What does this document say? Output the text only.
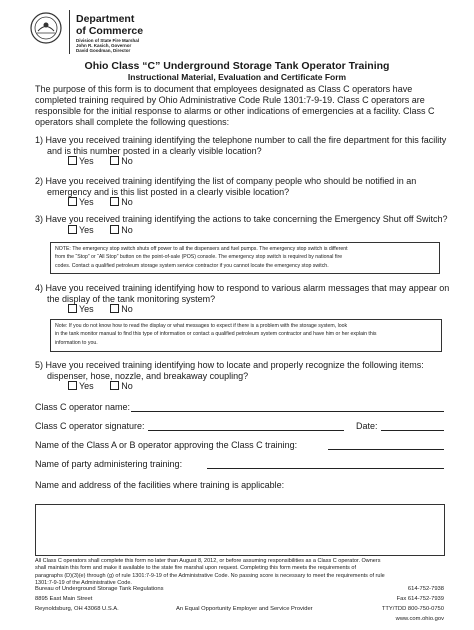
Department
of Commerce
Division of State Fire Marshal
John R. Kasich, Governor
David Goodman, Director
Ohio Class “C” Underground Storage Tank Operator Training
Instructional Material, Evaluation and Certificate Form
The purpose of this form is to document that employees designated as Class C operators have
completed training required by Ohio Administrative Code Rule 1301:7-9-19. Class C operators are
responsible for the initial response to alarms or other indications of emergencies at a facility. Class C
operators shall complete the following questions:
1) Have you received training identifying the telephone number to call the fire department for this facility
and is this number posted in a clearly visible location?
Yes	No
2) Have you received training identifying the list of company people who should be notified in an
emergency and is this list posted in a clearly visible location?
Yes	No
3) Have you received training identifying the actions to take concerning the Emergency Shut off Switch?
Yes	No
NOTE: The emergency stop switch shuts off power to all the dispensers and fuel pumps. The emergency stop switch is different
from the “Stop” or “All Stop” button on the point-of-sale (POS) console. The emergency stop switch is required by national fire
codes. Contact a qualified petroleum storage system service contractor if you cannot locate the emergency stop switch.
4) Have you received training identifying how to respond to various alarm messages that may appear on
the display of the tank monitoring system?
Yes	No
Note: If you do not know how to read the display or what messages to expect if there is a problem with the storage system, look
in the tank monitor manual to find this type of information or contact a qualified petroleum system contractor and have him or her explain this
information to you.
5) Have you received training identifying how to locate and properly recognize the following items:
dispenser, hose, nozzle, and breakaway coupling?
Yes	No
Class C operator name:
Class C operator signature:	Date:
Name of the Class A or B operator approving the Class C training:
Name of party administering training:
Name and address of the facilities where training is applicable:
All Class C operators shall complete this form no later than August 8, 2012, or before assuming responsibilities as a Class C operator. Owners
shall maintain this form and make it available to the state fire marshal upon request. Completing this form meets the requirements of
paragraphs (D)(3)(e) through (g) of rule 1301:7-9-19 of the Administrative Code. No passing score is necessary to meet the requirements of rule
1301:7-9-19 of the Administrative Code.
Bureau of Underground Storage Tank Regulations
8895 East Main Street
Reynoldsburg, OH 43068 U.S.A.	An Equal Opportunity Employer and Service Provider
614-752-7938
Fax 614-752-7939
TTY/TDD 800-750-0750
www.com.ohio.gov
